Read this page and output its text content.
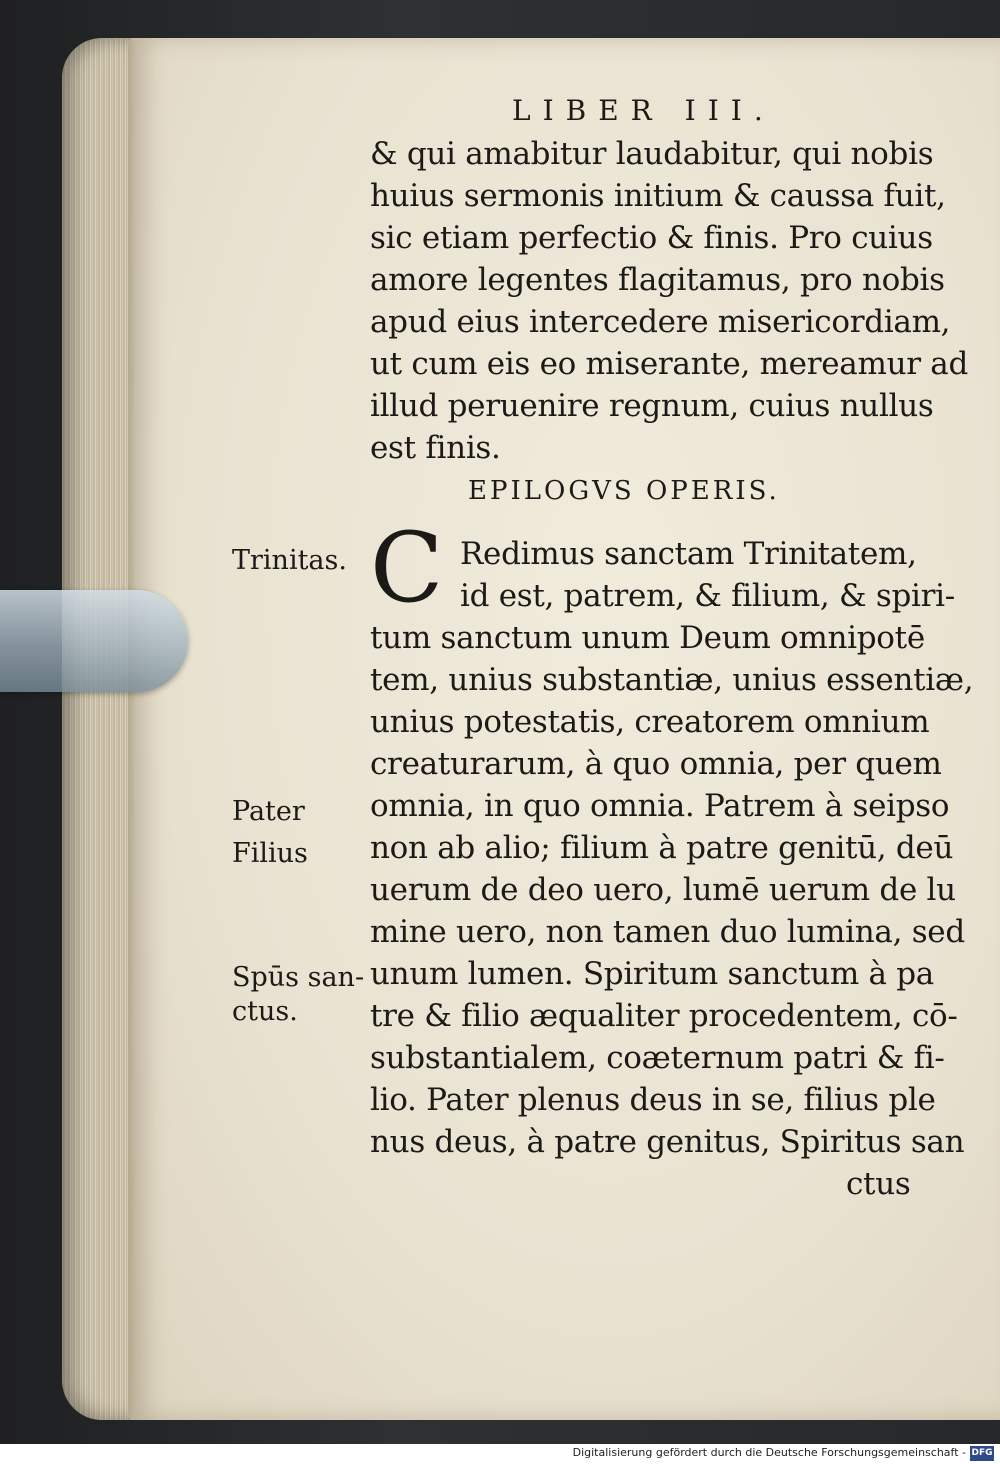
LIBER III.
& qui amabitur laudabitur, qui nobis
huius sermonis initium & caussa fuit,
sic etiam perfectio & finis. Pro cuius
amore legentes flagitamus, pro nobis
apud eius intercedere misericordiam,
ut cum eis eo miserante, mereamur ad
illud peruenire regnum, cuius nullus
est finis.
EPILOGVS OPERIS.
C Redimus sanctam Trinitatem,
id est, patrem, & filium, & spiri-
tum sanctum unum Deum omnipotē
tem, unius substantiæ, unius essentiæ,
unius potestatis, creatorem omnium
creaturarum, à quo omnia, per quem
omnia, in quo omnia. Patrem à seipso
non ab alio; filium à patre genitū, deū
uerum de deo uero, lumē uerum de lu
mine uero, non tamen duo lumina, sed
unum lumen. Spiritum sanctum à pa
tre & filio æqualiter procedentem, cō-
substantialem, coæternum patri & fi-
lio. Pater plenus deus in se, filius ple
nus deus, à patre genitus, Spiritus san
ctus
Trinitas.
Pater
Filius
Spūs san-
ctus.
Digitalisierung gefördert durch die Deutsche Forschungsgemeinschaft - DFG
